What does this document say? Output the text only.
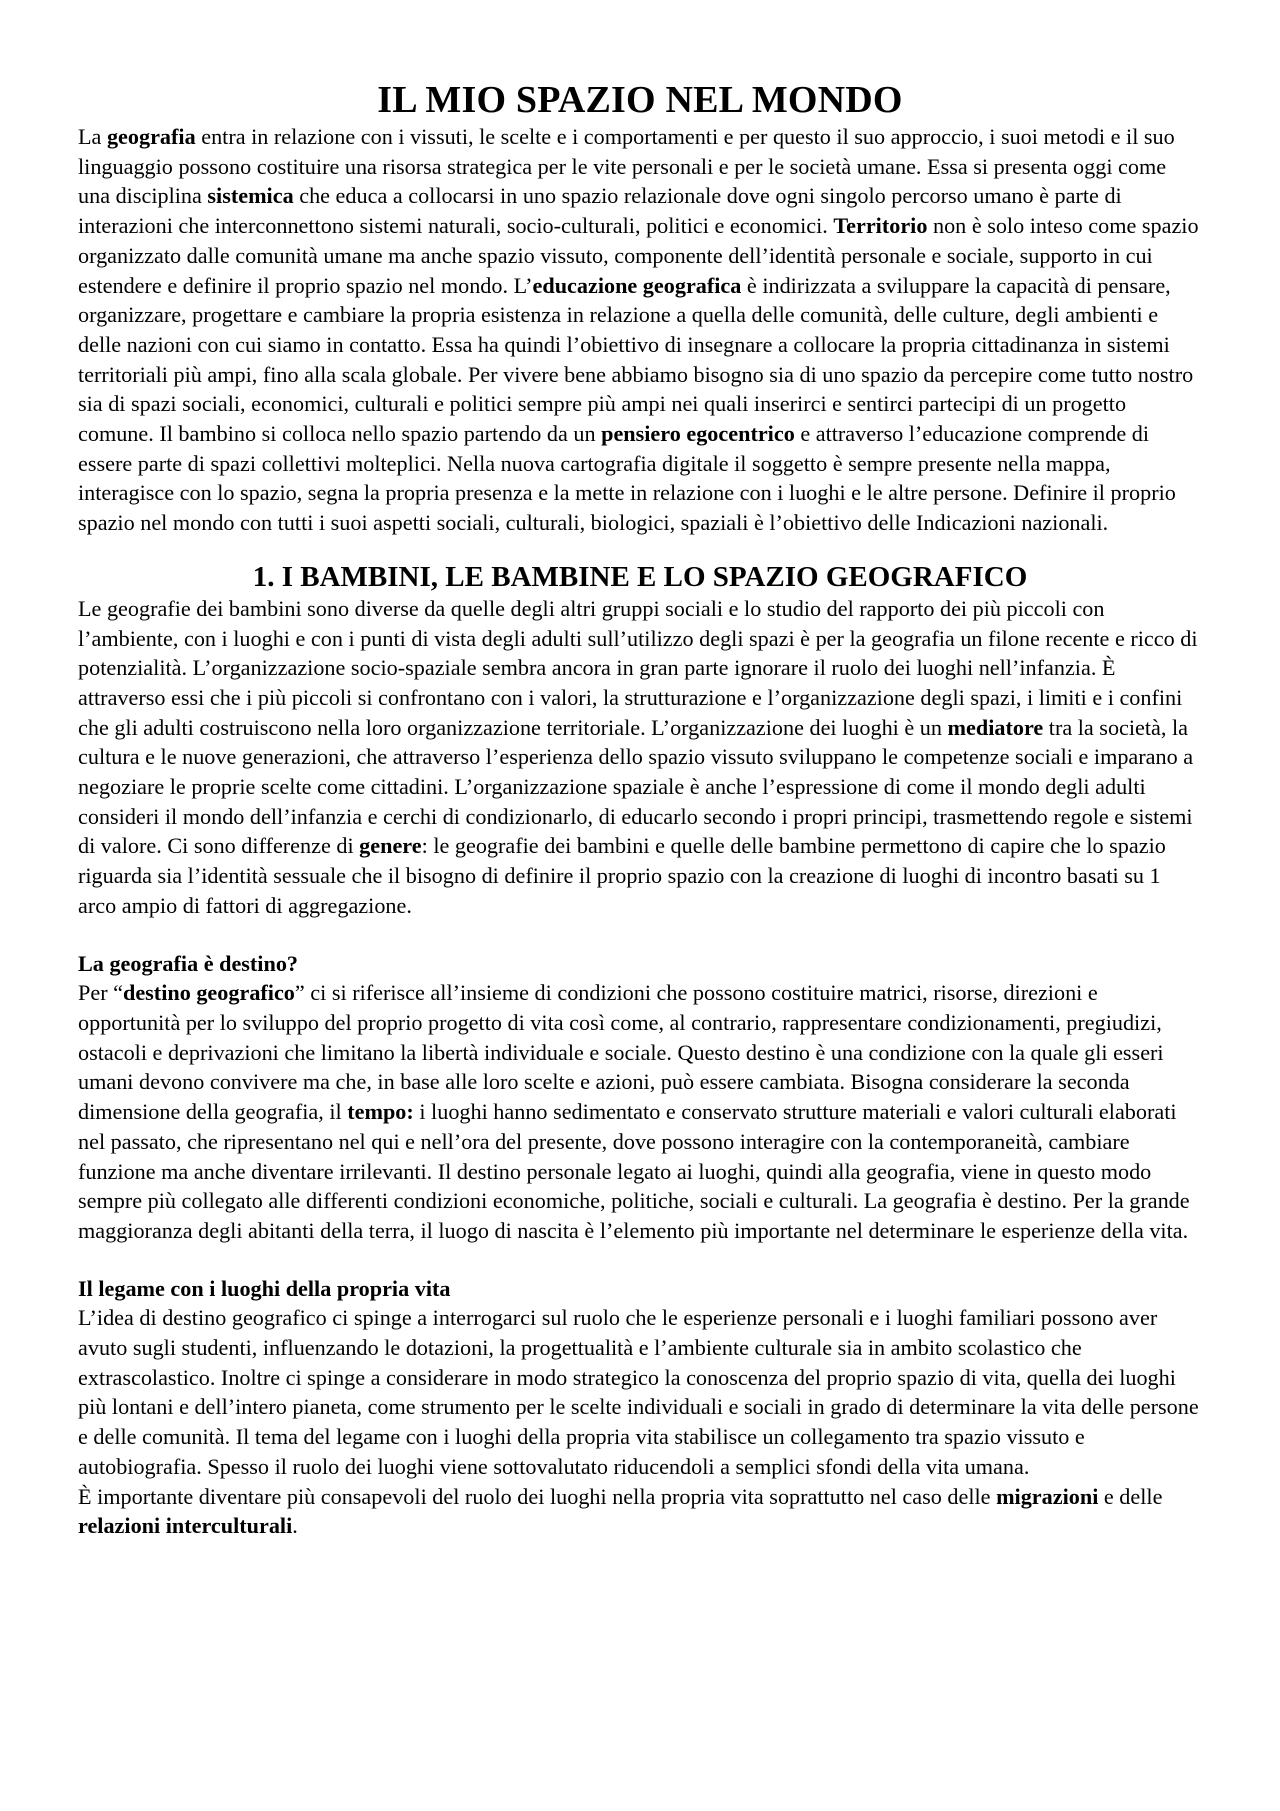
IL MIO SPAZIO NEL MONDO

La geografia entra in relazione con i vissuti, le scelte e i comportamenti e per questo il suo approccio, i suoi metodi e il suo linguaggio possono costituire una risorsa strategica per le vite personali e per le società umane. Essa si presenta oggi come una disciplina sistemica che educa a collocarsi in uno spazio relazionale dove ogni singolo percorso umano è parte di interazioni che interconnettono sistemi naturali, socio-culturali, politici e economici. Territorio non è solo inteso come spazio organizzato dalle comunità umane ma anche spazio vissuto, componente dell’identità personale e sociale, supporto in cui estendere e definire il proprio spazio nel mondo. L’educazione geografica è indirizzata a sviluppare la capacità di pensare, organizzare, progettare e cambiare la propria esistenza in relazione a quella delle comunità, delle culture, degli ambienti e delle nazioni con cui siamo in contatto. Essa ha quindi l’obiettivo di insegnare a collocare la propria cittadinanza in sistemi territoriali più ampi, fino alla scala globale. Per vivere bene abbiamo bisogno sia di uno spazio da percepire come tutto nostro sia di spazi sociali, economici, culturali e politici sempre più ampi nei quali inserirci e sentirci partecipi di un progetto comune. Il bambino si colloca nello spazio partendo da un pensiero egocentrico e attraverso l’educazione comprende di essere parte di spazi collettivi molteplici. Nella nuova cartografia digitale il soggetto è sempre presente nella mappa, interagisce con lo spazio, segna la propria presenza e la mette in relazione con i luoghi e le altre persone. Definire il proprio spazio nel mondo con tutti i suoi aspetti sociali, culturali, biologici, spaziali è l’obiettivo delle Indicazioni nazionali.

1. I BAMBINI, LE BAMBINE E LO SPAZIO GEOGRAFICO

Le geografie dei bambini sono diverse da quelle degli altri gruppi sociali e lo studio del rapporto dei più piccoli con l’ambiente, con i luoghi e con i punti di vista degli adulti sull’utilizzo degli spazi è per la geografia un filone recente e ricco di potenzialità. L’organizzazione socio-spaziale sembra ancora in gran parte ignorare il ruolo dei luoghi nell’infanzia. È attraverso essi che i più piccoli si confrontano con i valori, la strutturazione e l’organizzazione degli spazi, i limiti e i confini che gli adulti costruiscono nella loro organizzazione territoriale. L’organizzazione dei luoghi è un mediatore tra la società, la cultura e le nuove generazioni, che attraverso l’esperienza dello spazio vissuto sviluppano le competenze sociali e imparano a negoziare le proprie scelte come cittadini. L’organizzazione spaziale è anche l’espressione di come il mondo degli adulti consideri il mondo dell’infanzia e cerchi di condizionarlo, di educarlo secondo i propri principi, trasmettendo regole e sistemi di valore. Ci sono differenze di genere: le geografie dei bambini e quelle delle bambine permettono di capire che lo spazio riguarda sia l’identità sessuale che il bisogno di definire il proprio spazio con la creazione di luoghi di incontro basati su 1 arco ampio di fattori di aggregazione.

La geografia è destino?

Per “destino geografico” ci si riferisce all’insieme di condizioni che possono costituire matrici, risorse, direzioni e opportunità per lo sviluppo del proprio progetto di vita così come, al contrario, rappresentare condizionamenti, pregiudizi, ostacoli e deprivazioni che limitano la libertà individuale e sociale. Questo destino è una condizione con la quale gli esseri umani devono convivere ma che, in base alle loro scelte e azioni, può essere cambiata. Bisogna considerare la seconda dimensione della geografia, il tempo: i luoghi hanno sedimentato e conservato strutture materiali e valori culturali elaborati nel passato, che ripresentano nel qui e nell’ora del presente, dove possono interagire con la contemporaneità, cambiare funzione ma anche diventare irrilevanti. Il destino personale legato ai luoghi, quindi alla geografia, viene in questo modo sempre più collegato alle differenti condizioni economiche, politiche, sociali e culturali. La geografia è destino. Per la grande maggioranza degli abitanti della terra, il luogo di nascita è l’elemento più importante nel determinare le esperienze della vita.

Il legame con i luoghi della propria vita

L’idea di destino geografico ci spinge a interrogarci sul ruolo che le esperienze personali e i luoghi familiari possono aver avuto sugli studenti, influenzando le dotazioni, la progettualità e l’ambiente culturale sia in ambito scolastico che extrascolastico. Inoltre ci spinge a considerare in modo strategico la conoscenza del proprio spazio di vita, quella dei luoghi più lontani e dell’intero pianeta, come strumento per le scelte individuali e sociali in grado di determinare la vita delle persone e delle comunità. Il tema del legame con i luoghi della propria vita stabilisce un collegamento tra spazio vissuto e autobiografia. Spesso il ruolo dei luoghi viene sottovalutato riducendoli a semplici sfondi della vita umana.

È importante diventare più consapevoli del ruolo dei luoghi nella propria vita soprattutto nel caso delle migrazioni e delle relazioni interculturali.
